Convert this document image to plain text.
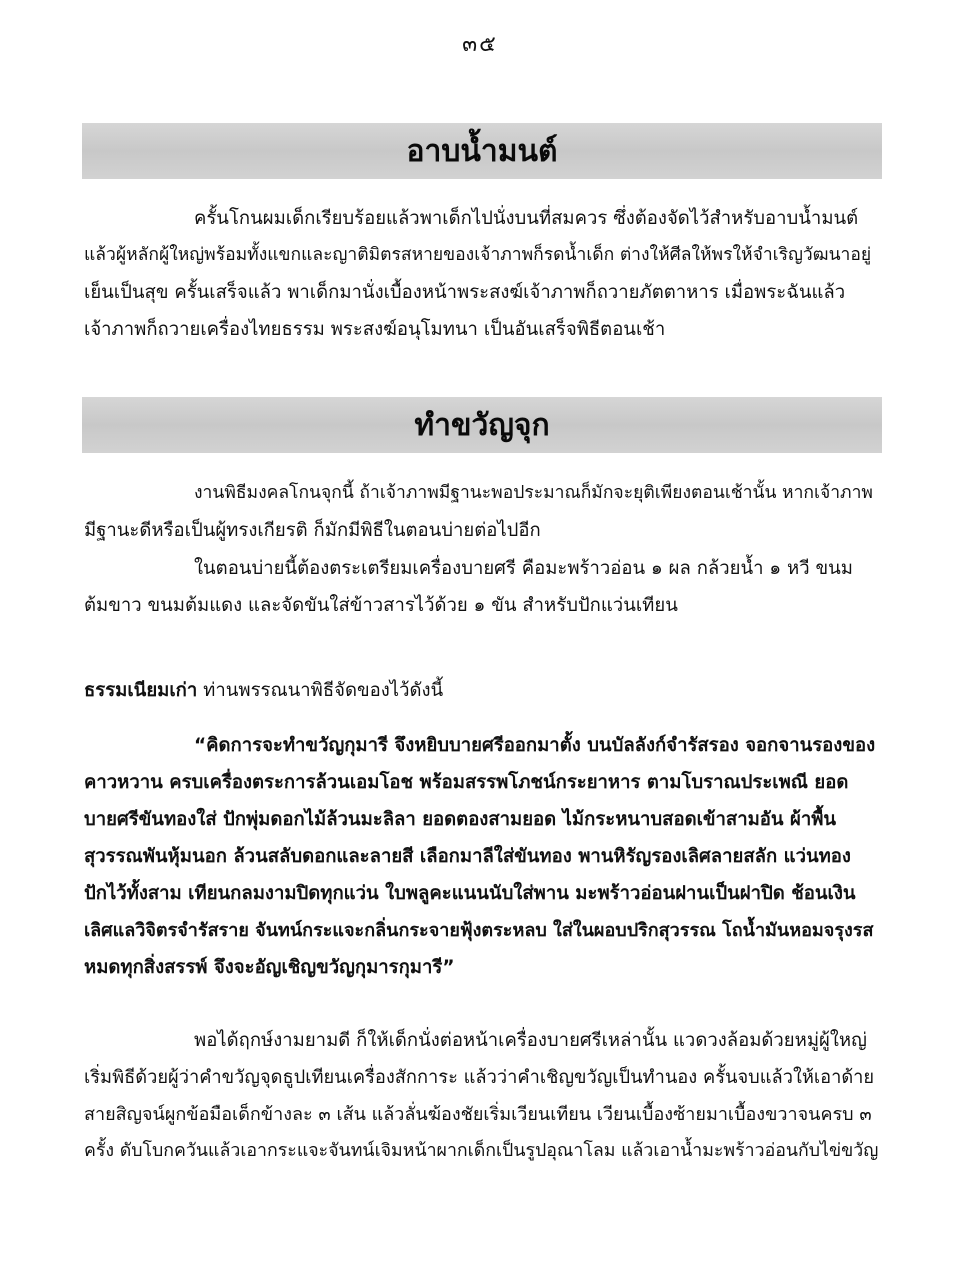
๓๕
อาบน้ำมนต์
ครั้นโกนผมเด็กเรียบร้อยแล้วพาเด็กไปนั่งบนที่สมควร ซึ่งต้องจัดไว้สำหรับอาบน้ำมนต์
แล้วผู้หลักผู้ใหญ่พร้อมทั้งแขกและญาติมิตรสหายของเจ้าภาพก็รดน้ำเด็ก ต่างให้ศีลให้พรให้จำเริญวัฒนาอยู่
เย็นเป็นสุข ครั้นเสร็จแล้ว พาเด็กมานั่งเบื้องหน้าพระสงฆ์เจ้าภาพก็ถวายภัตตาหาร เมื่อพระฉันแล้ว
เจ้าภาพก็ถวายเครื่องไทยธรรม พระสงฆ์อนุโมทนา เป็นอันเสร็จพิธีตอนเช้า
ทำขวัญจุก
งานพิธีมงคลโกนจุกนี้ ถ้าเจ้าภาพมีฐานะพอประมาณก็มักจะยุติเพียงตอนเช้านั้น หากเจ้าภาพ
มีฐานะดีหรือเป็นผู้ทรงเกียรติ ก็มักมีพิธีในตอนบ่ายต่อไปอีก
ในตอนบ่ายนี้ต้องตระเตรียมเครื่องบายศรี คือมะพร้าวอ่อน ๑ ผล กล้วยน้ำ ๑ หวี ขนม
ต้มขาว ขนมต้มแดง และจัดขันใส่ข้าวสารไว้ด้วย ๑ ขัน สำหรับปักแว่นเทียน
ธรรมเนียมเก่า ท่านพรรณนาพิธีจัดของไว้ดังนี้
“คิดการจะทำขวัญกุมารี จึงหยิบบายศรีออกมาตั้ง บนบัลลังก์จำรัสรอง จอกจานรองของ
คาวหวาน ครบเครื่องตระการล้วนเอมโอช พร้อมสรรพโภชน์กระยาหาร ตามโบราณประเพณี ยอด
บายศรีขันทองใส่ ปักพุ่มดอกไม้ล้วนมะลิลา ยอดตองสามยอด ไม้กระหนาบสอดเข้าสามอัน ผ้าพื้น
สุวรรณพันหุ้มนอก ล้วนสลับดอกและลายสี เลือกมาลีใส่ขันทอง พานหิรัญรองเลิศลายสลัก แว่นทอง
ปักไว้ทั้งสาม เทียนกลมงามปิดทุกแว่น ใบพลูคะแนนนับใส่พาน มะพร้าวอ่อนฝานเป็นฝาปิด ช้อนเงิน
เลิศแลวิจิตรจำรัสราย จันทน์กระแจะกลิ่นกระจายฟุ้งตระหลบ ใส่ในผอบปริกสุวรรณ โถน้ำมันหอมจรุงรส
หมดทุกสิ่งสรรพ์ จึงจะอัญเชิญขวัญกุมารกุมารี”
พอได้ฤกษ์งามยามดี ก็ให้เด็กนั่งต่อหน้าเครื่องบายศรีเหล่านั้น แวดวงล้อมด้วยหมู่ผู้ใหญ่
เริ่มพิธีด้วยผู้ว่าคำขวัญจุดธูปเทียนเครื่องสักการะ แล้วว่าคำเชิญขวัญเป็นทำนอง ครั้นจบแล้วให้เอาด้าย
สายสิญจน์ผูกข้อมือเด็กข้างละ ๓ เส้น แล้วลั่นฆ้องชัยเริ่มเวียนเทียน เวียนเบื้องซ้ายมาเบื้องขวาจนครบ ๓
ครั้ง ดับโบกควันแล้วเอากระแจะจันทน์เจิมหน้าผากเด็กเป็นรูปอุณาโลม แล้วเอาน้ำมะพร้าวอ่อนกับไข่ขวัญ
